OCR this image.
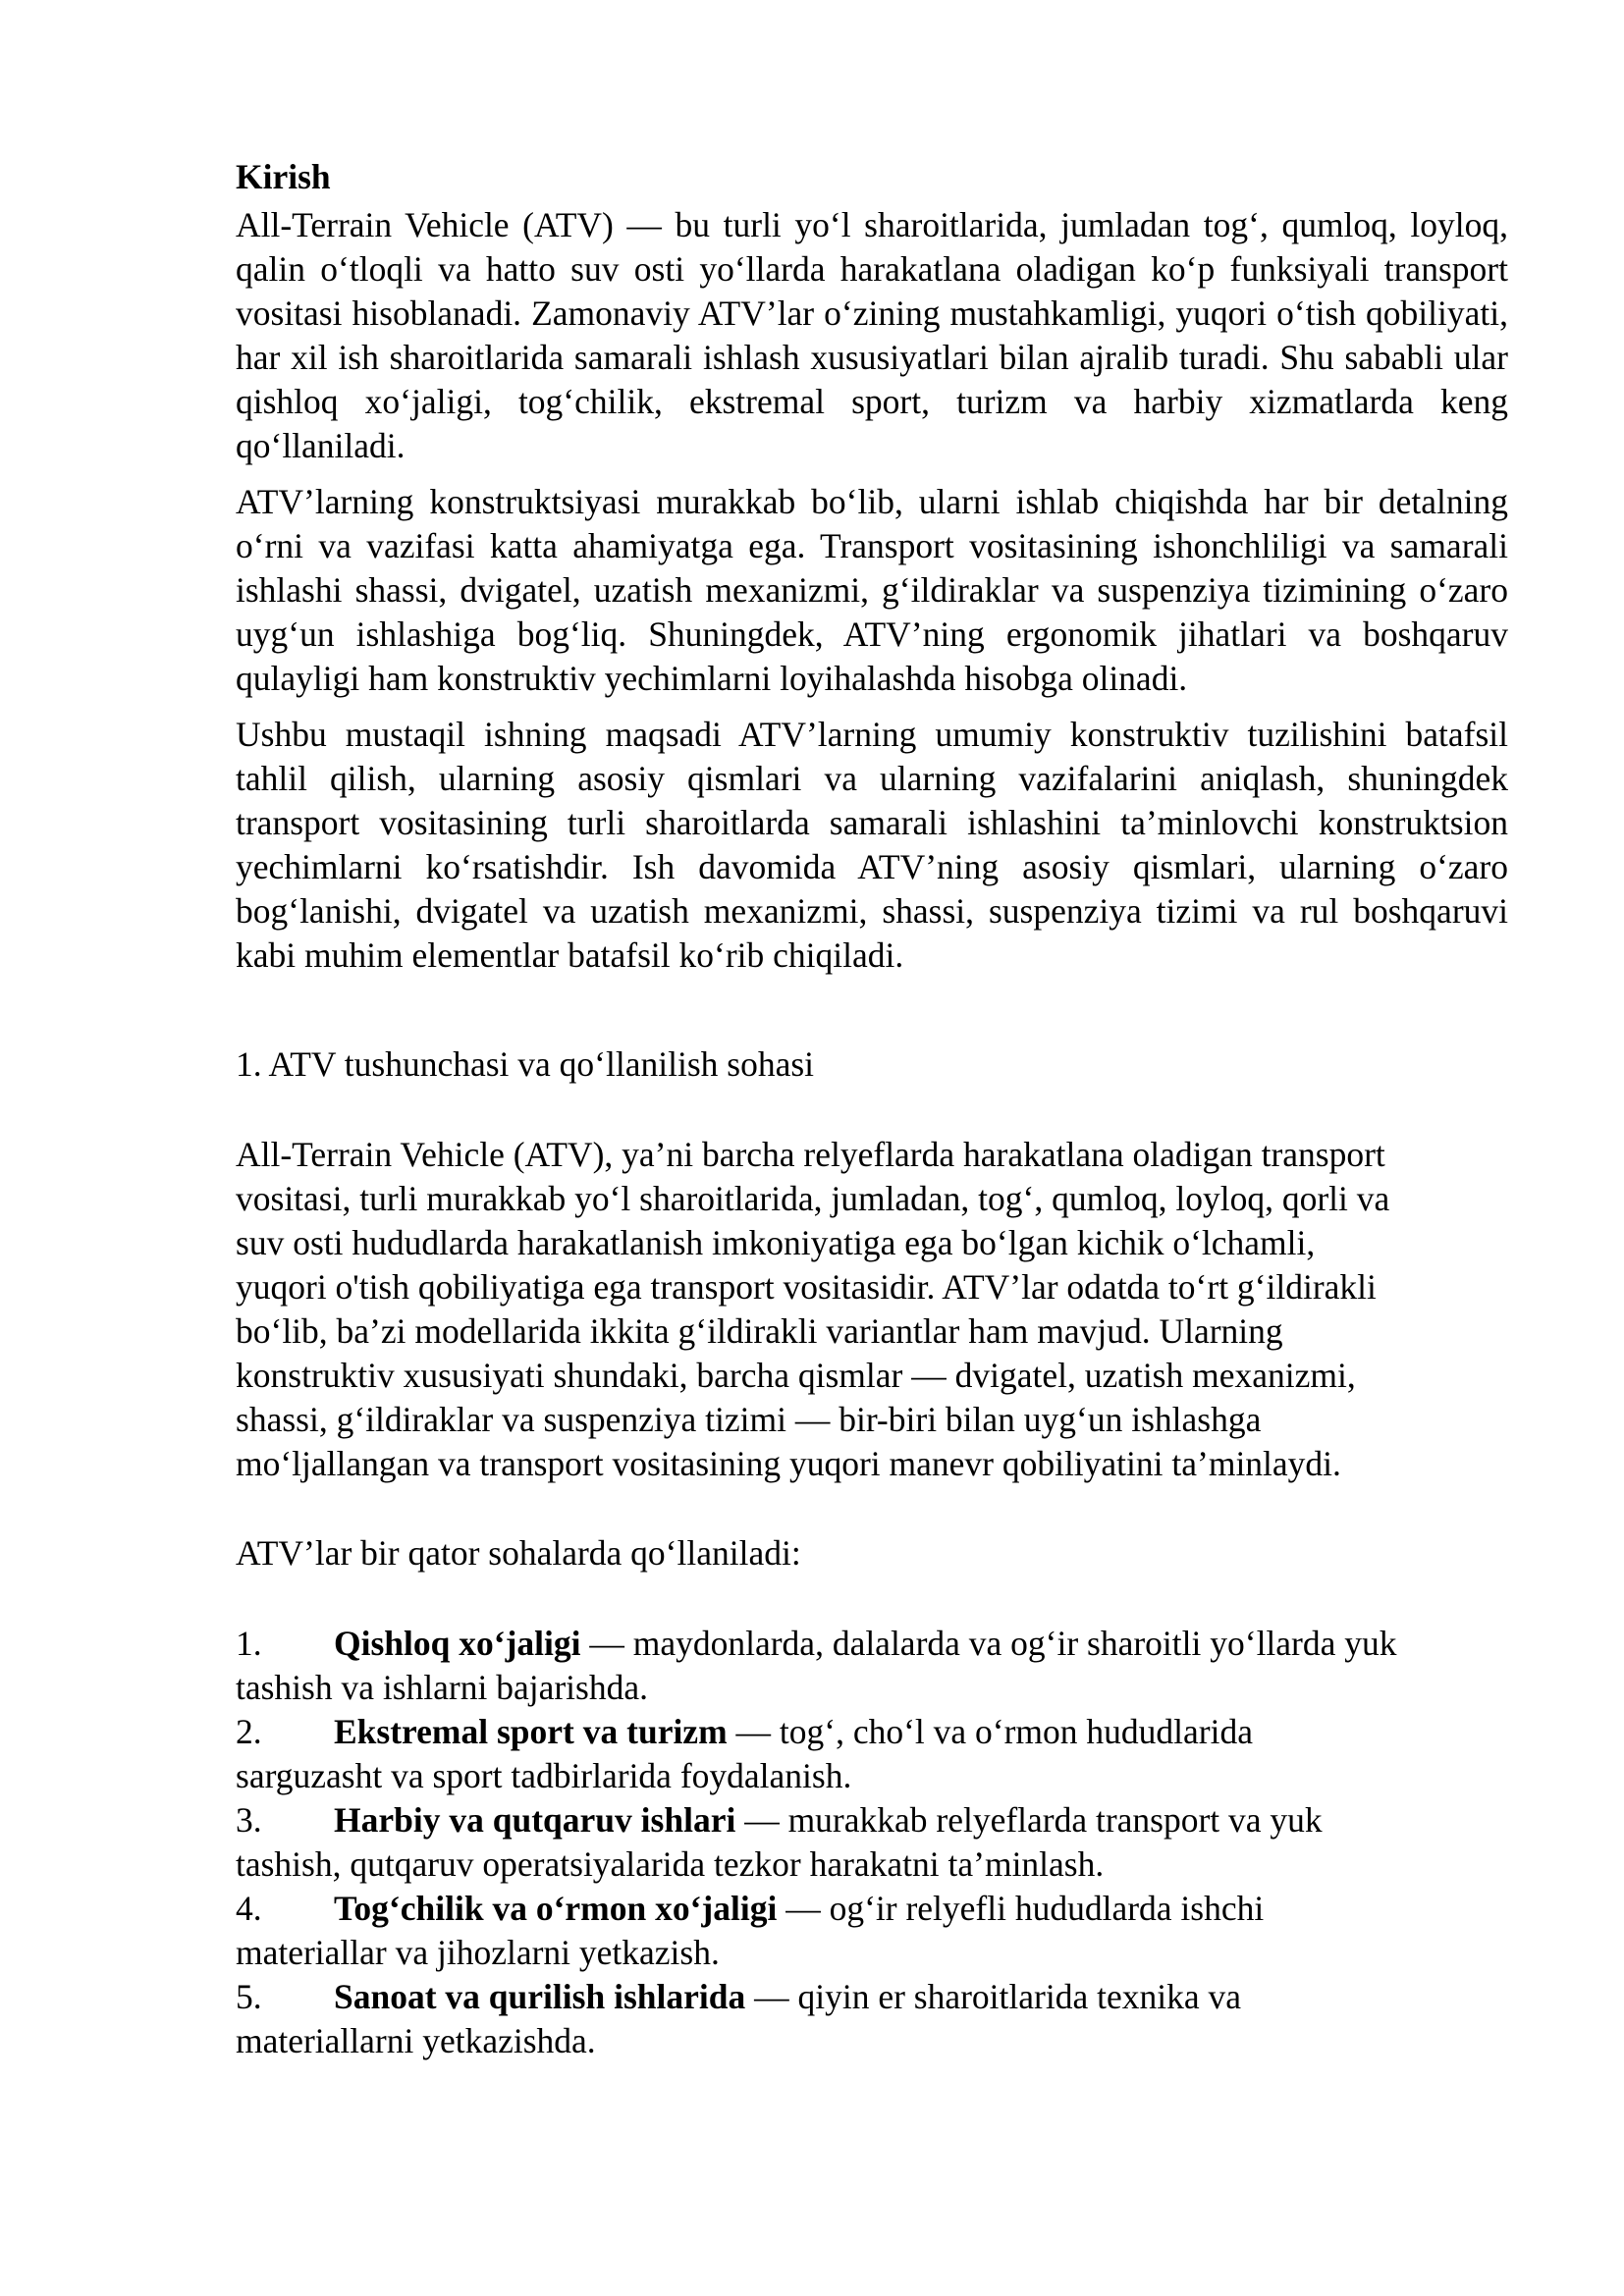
Kirish

All-Terrain Vehicle (ATV) — bu turli yo‘l sharoitlarida, jumladan tog‘, qumloq, loyloq, qalin o‘tloqli va hatto suv osti yo‘llarda harakatlana oladigan ko‘p funksiyali transport vositasi hisoblanadi. Zamonaviy ATV’lar o‘zining mustahkamligi, yuqori o‘tish qobiliyati, har xil ish sharoitlarida samarali ishlash xususiyatlari bilan ajralib turadi. Shu sababli ular qishloq xo‘jaligi, tog‘chilik, ekstremal sport, turizm va harbiy xizmatlarda keng qo‘llaniladi.

ATV’larning konstruktsiyasi murakkab bo‘lib, ularni ishlab chiqishda har bir detalning o‘rni va vazifasi katta ahamiyatga ega. Transport vositasining ishonchliligi va samarali ishlashi shassi, dvigatel, uzatish mexanizmi, g‘ildiraklar va suspenziya tizimining o‘zaro uyg‘un ishlashiga bog‘liq. Shuningdek, ATV’ning ergonomik jihatlari va boshqaruv qulayligi ham konstruktiv yechimlarni loyihalashda hisobga olinadi.

Ushbu mustaqil ishning maqsadi ATV’larning umumiy konstruktiv tuzilishini batafsil tahlil qilish, ularning asosiy qismlari va ularning vazifalarini aniqlash, shuningdek transport vositasining turli sharoitlarda samarali ishlashini ta’minlovchi konstruktsion yechimlarni ko‘rsatishdir. Ish davomida ATV’ning asosiy qismlari, ularning o‘zaro bog‘lanishi, dvigatel va uzatish mexanizmi, shassi, suspenziya tizimi va rul boshqaruvi kabi muhim elementlar batafsil ko‘rib chiqiladi.

1. ATV tushunchasi va qo‘llanilish sohasi

All-Terrain Vehicle (ATV), ya’ni barcha relyeflarda harakatlana oladigan transport
vositasi, turli murakkab yo‘l sharoitlarida, jumladan, tog‘, qumloq, loyloq, qorli va
suv osti hududlarda harakatlanish imkoniyatiga ega bo‘lgan kichik o‘lchamli,
yuqori o'tish qobiliyatiga ega transport vositasidir. ATV’lar odatda to‘rt g‘ildirakli
bo‘lib, ba’zi modellarida ikkita g‘ildirakli variantlar ham mavjud. Ularning
konstruktiv xususiyati shundaki, barcha qismlar — dvigatel, uzatish mexanizmi,
shassi, g‘ildiraklar va suspenziya tizimi — bir-biri bilan uyg‘un ishlashga
mo‘ljallangan va transport vositasining yuqori manevr qobiliyatini ta’minlaydi.

ATV’lar bir qator sohalarda qo‘llaniladi:

1. Qishloq xo‘jaligi — maydonlarda, dalalarda va og‘ir sharoitli yo‘llarda yuk
tashish va ishlarni bajarishda.
2. Ekstremal sport va turizm — tog‘, cho‘l va o‘rmon hududlarida
sarguzasht va sport tadbirlarida foydalanish.
3. Harbiy va qutqaruv ishlari — murakkab relyeflarda transport va yuk
tashish, qutqaruv operatsiyalarida tezkor harakatni ta’minlash.
4. Tog‘chilik va o‘rmon xo‘jaligi — og‘ir relyefli hududlarda ishchi
materiallar va jihozlarni yetkazish.
5. Sanoat va qurilish ishlarida — qiyin er sharoitlarida texnika va
materiallarni yetkazishda.
